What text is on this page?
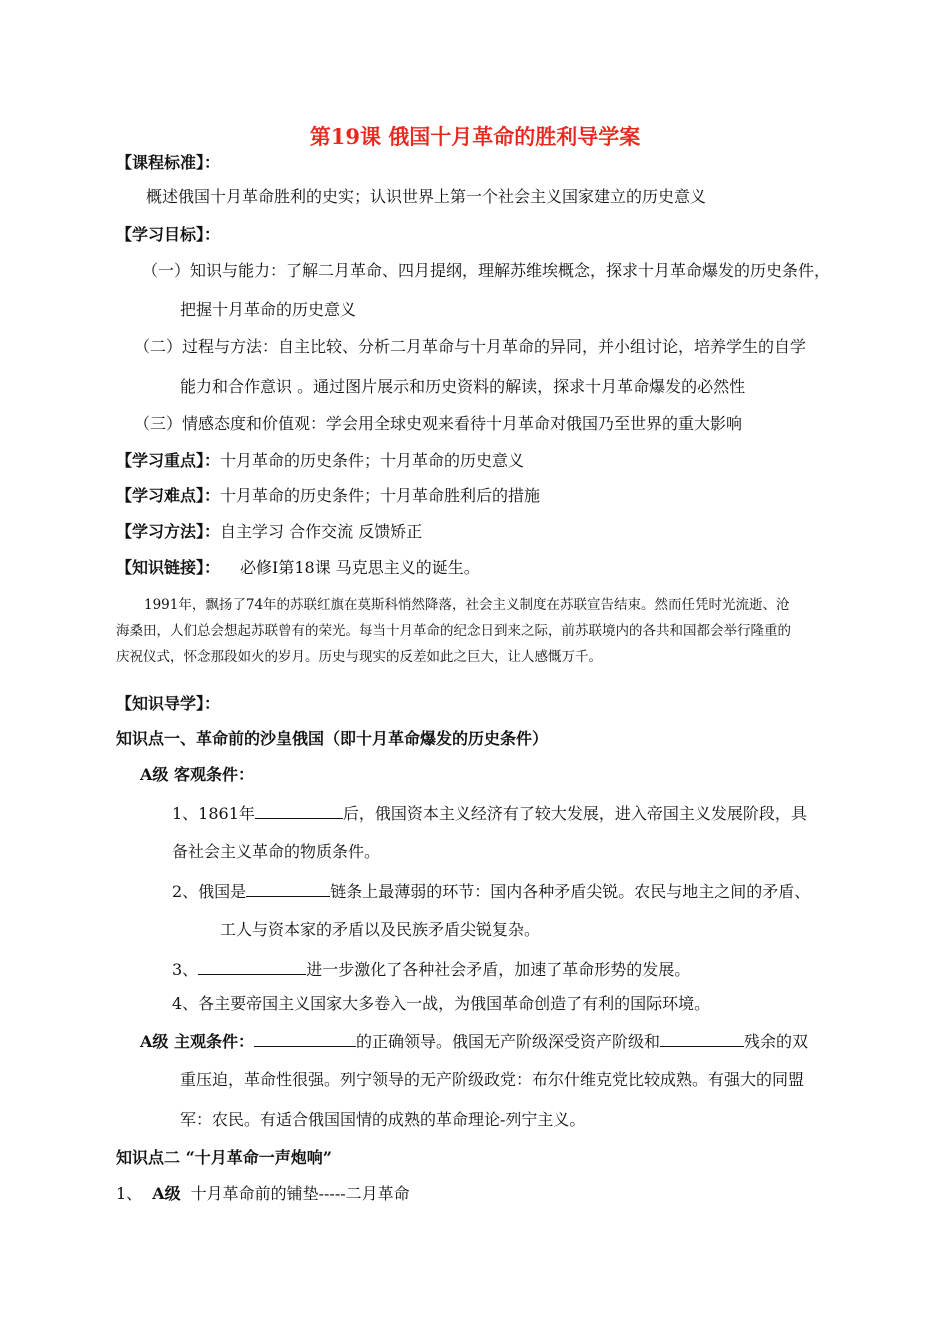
第19课 俄国十月革命的胜利导学案
【课程标准】：
概述俄国十月革命胜利的史实；认识世界上第一个社会主义国家建立的历史意义
【学习目标】：
（一）知识与能力：了解二月革命、四月提纲，理解苏维埃概念，探求十月革命爆发的历史条件，
把握十月革命的历史意义
（二）过程与方法：自主比较、分析二月革命与十月革命的异同，并小组讨论，培养学生的自学
能力和合作意识 。通过图片展示和历史资料的解读，探求十月革命爆发的必然性
（三）情感态度和价值观：学会用全球史观来看待十月革命对俄国乃至世界的重大影响
【学习重点】：十月革命的历史条件；十月革命的历史意义
【学习难点】：十月革命的历史条件；十月革命胜利后的措施
【学习方法】：自主学习 合作交流 反馈矫正
【知识链接】： 必修Ⅰ第18课 马克思主义的诞生。
1991年，飘扬了74年的苏联红旗在莫斯科悄然降落，社会主义制度在苏联宣告结束。然而任凭时光流逝、沧
海桑田，人们总会想起苏联曾有的荣光。每当十月革命的纪念日到来之际，前苏联境内的各共和国都会举行隆重的
庆祝仪式，怀念那段如火的岁月。历史与现实的反差如此之巨大，让人感慨万千。
【知识导学】：
知识点一、革命前的沙皇俄国（即十月革命爆发的历史条件）
A级 客观条件：
1、1861年	后，俄国资本主义经济有了较大发展，进入帝国主义发展阶段，具
备社会主义革命的物质条件。
2、俄国是	链条上最薄弱的环节：国内各种矛盾尖锐。农民与地主之间的矛盾、
工人与资本家的矛盾以及民族矛盾尖锐复杂。
3、	进一步激化了各种社会矛盾，加速了革命形势的发展。
4、各主要帝国主义国家大多卷入一战，为俄国革命创造了有利的国际环境。
A级 主观条件：	的正确领导。俄国无产阶级深受资产阶级和	残余的双
重压迫，革命性很强。列宁领导的无产阶级政党：布尔什维克党比较成熟。有强大的同盟
军：农民。有适合俄国国情的成熟的革命理论-列宁主义。
知识点二 “十月革命一声炮响”
1、 A级 十月革命前的铺垫-----二月革命
